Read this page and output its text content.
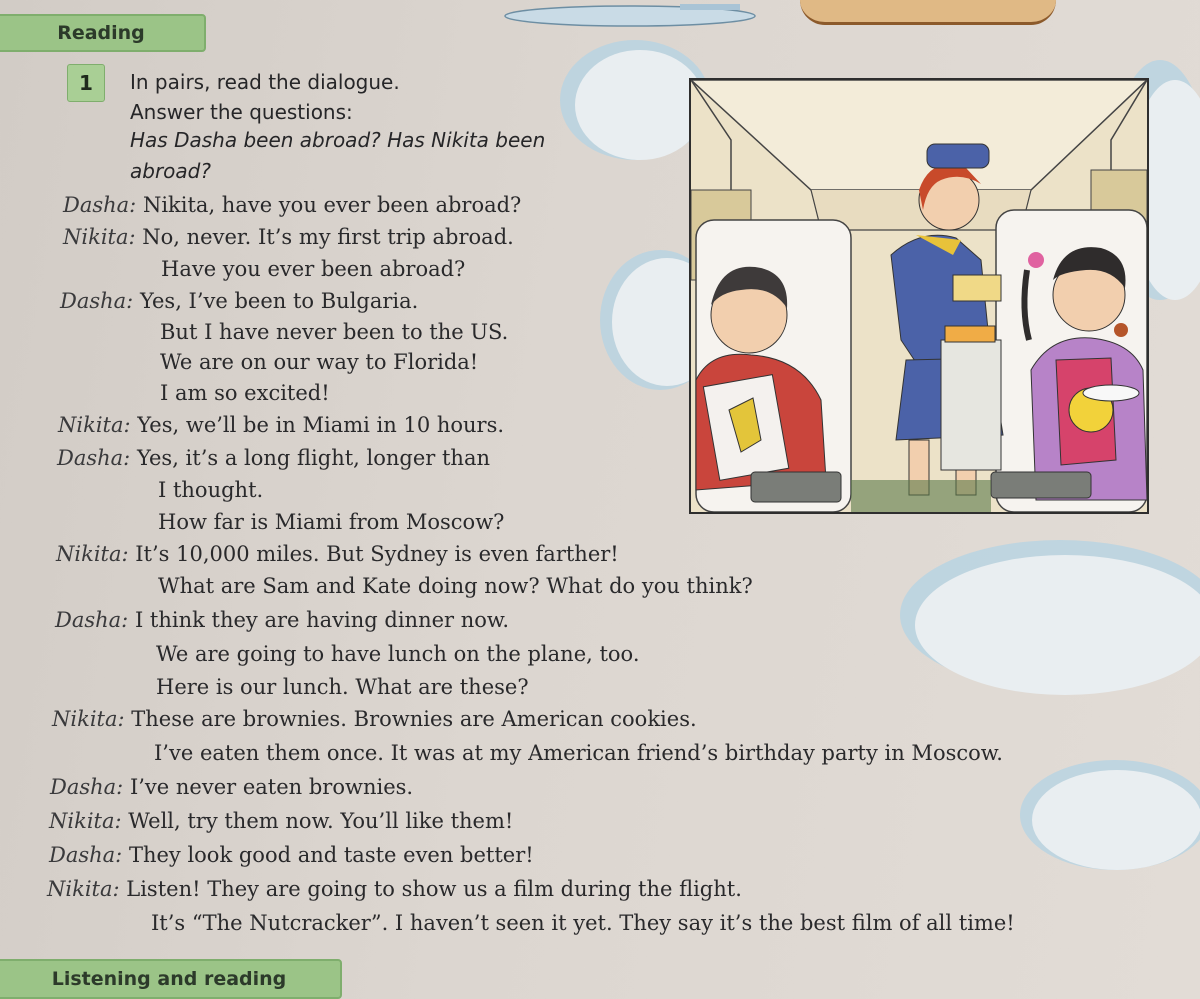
Reading
1	In pairs, read the dialogue.
Answer the questions:
Has Dasha been abroad? Has Nikita been
abroad?
Dasha: Nikita, have you ever been abroad?
Nikita: No, never. It’s my first trip abroad.
Have you ever been abroad?
Dasha: Yes, I’ve been to Bulgaria.
But I have never been to the US.
We are on our way to Florida!
I am so excited!
Nikita: Yes, we’ll be in Miami in 10 hours.
Dasha: Yes, it’s a long flight, longer than
I thought.
How far is Miami from Moscow?
Nikita: It’s 10,000 miles. But Sydney is even farther!
What are Sam and Kate doing now? What do you think?
Dasha: I think they are having dinner now.
We are going to have lunch on the plane, too.
Here is our lunch. What are these?
Nikita: These are brownies. Brownies are American cookies.
I’ve eaten them once. It was at my American friend’s birthday party in Moscow.
Dasha: I’ve never eaten brownies.
Nikita: Well, try them now. You’ll like them!
Dasha: They look good and taste even better!
Nikita: Listen! They are going to show us a film during the flight.
It’s “The Nutcracker”. I haven’t seen it yet. They say it’s the best film of all time!
Listening and reading
